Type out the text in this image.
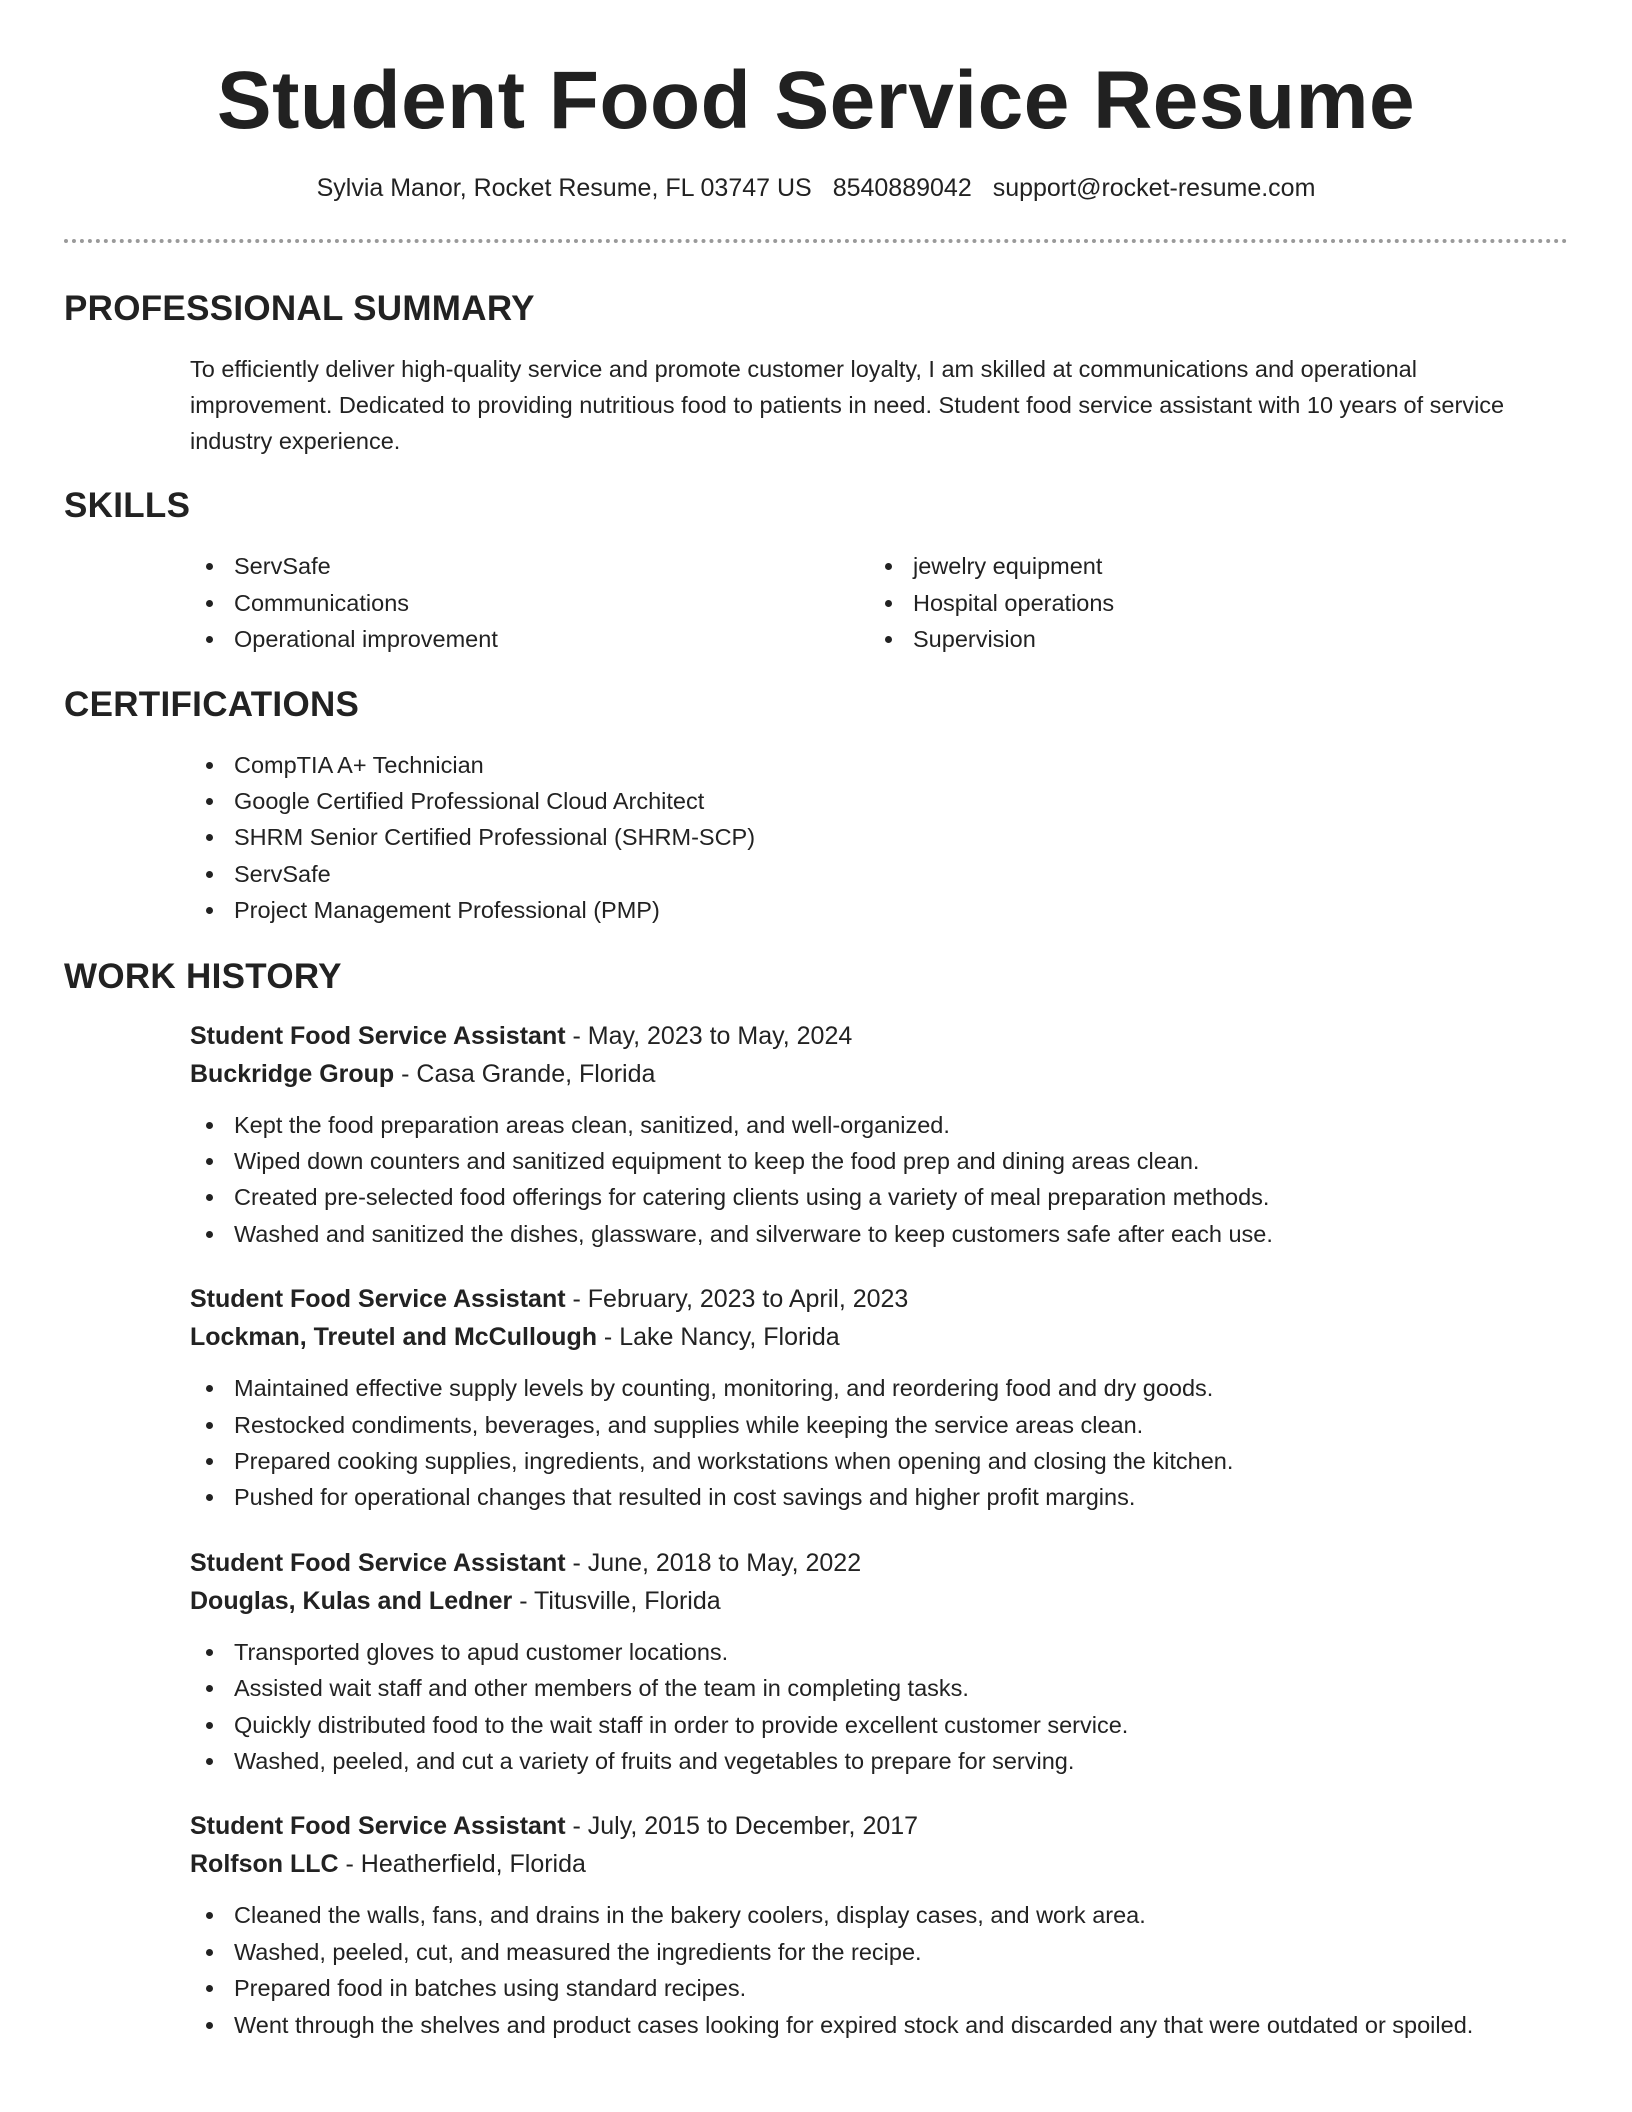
Student Food Service Resume
Sylvia Manor, Rocket Resume, FL 03747 US 8540889042 support@rocket-resume.com
PROFESSIONAL SUMMARY

To efficiently deliver high-quality service and promote customer loyalty, I am skilled at communications and operational improvement. Dedicated to providing nutritious food to patients in need. Student food service assistant with 10 years of service industry experience.

SKILLS
ServSafe
Communications
Operational improvement
jewelry equipment
Hospital operations
Supervision
CERTIFICATIONS
CompTIA A+ Technician
Google Certified Professional Cloud Architect
SHRM Senior Certified Professional (SHRM-SCP)
ServSafe
Project Management Professional (PMP)
WORK HISTORY
Student Food Service Assistant - May, 2023 to May, 2024
Buckridge Group - Casa Grande, Florida
Kept the food preparation areas clean, sanitized, and well-organized.
Wiped down counters and sanitized equipment to keep the food prep and dining areas clean.
Created pre-selected food offerings for catering clients using a variety of meal preparation methods.
Washed and sanitized the dishes, glassware, and silverware to keep customers safe after each use.
Student Food Service Assistant - February, 2023 to April, 2023
Lockman, Treutel and McCullough - Lake Nancy, Florida
Maintained effective supply levels by counting, monitoring, and reordering food and dry goods.
Restocked condiments, beverages, and supplies while keeping the service areas clean.
Prepared cooking supplies, ingredients, and workstations when opening and closing the kitchen.
Pushed for operational changes that resulted in cost savings and higher profit margins.
Student Food Service Assistant - June, 2018 to May, 2022
Douglas, Kulas and Ledner - Titusville, Florida
Transported gloves to apud customer locations.
Assisted wait staff and other members of the team in completing tasks.
Quickly distributed food to the wait staff in order to provide excellent customer service.
Washed, peeled, and cut a variety of fruits and vegetables to prepare for serving.
Student Food Service Assistant - July, 2015 to December, 2017
Rolfson LLC - Heatherfield, Florida
Cleaned the walls, fans, and drains in the bakery coolers, display cases, and work area.
Washed, peeled, cut, and measured the ingredients for the recipe.
Prepared food in batches using standard recipes.
Went through the shelves and product cases looking for expired stock and discarded any that were outdated or spoiled.
